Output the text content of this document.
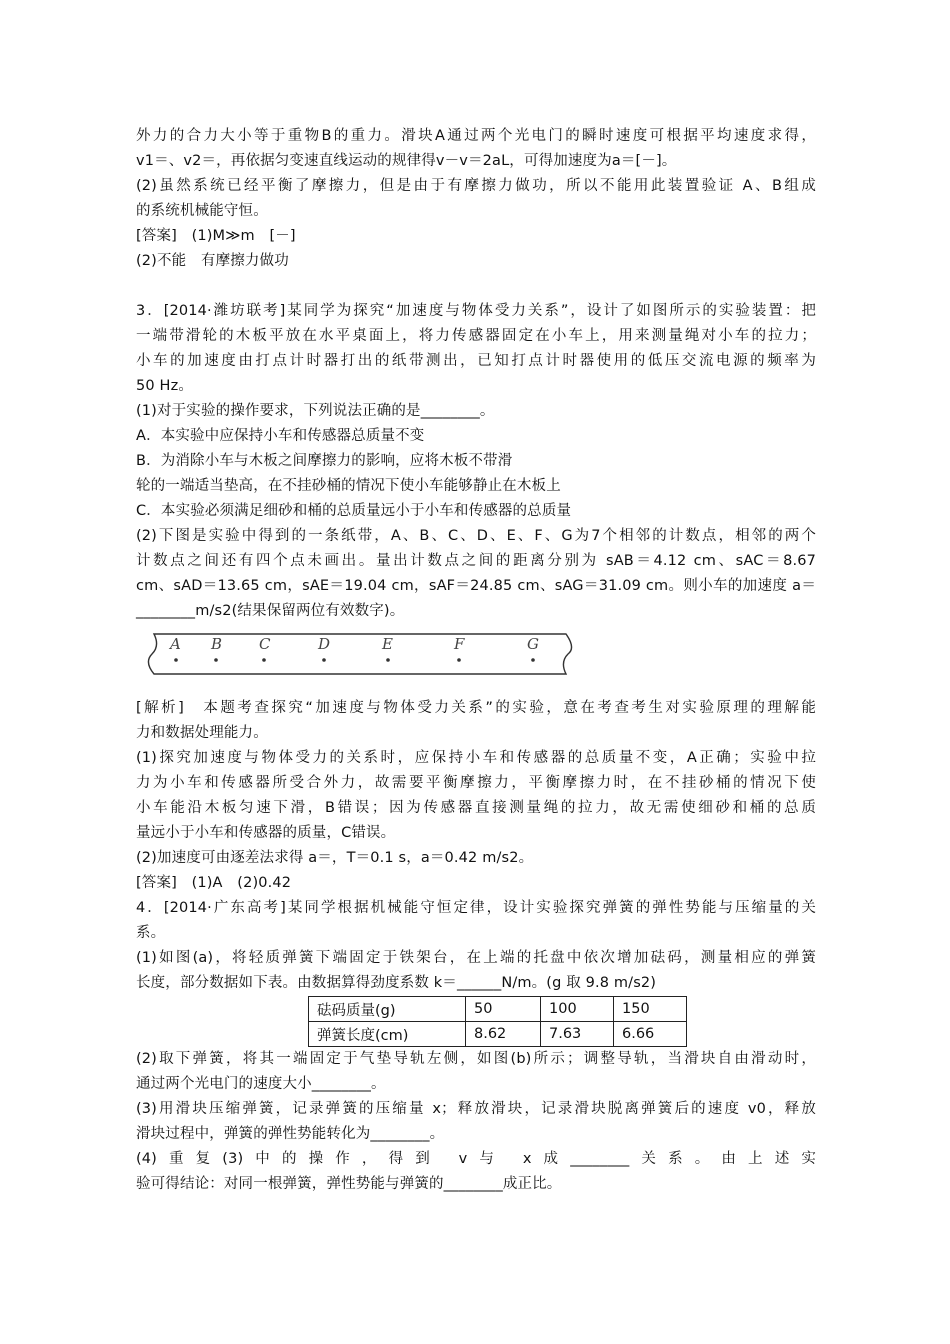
外力的合力大小等于重物B的重力。滑块A通过两个光电门的瞬时速度可根据平均速度求得，
v1＝、v2＝，再依据匀变速直线运动的规律得v－v＝2aL，可得加速度为a＝[－]。
(2)虽然系统已经平衡了摩擦力，但是由于有摩擦力做功，所以不能用此装置验证 A、B组成
的系统机械能守恒。
[答案]　(1)M≫m　[－]
(2)不能　有摩擦力做功
3．[2014·潍坊联考]某同学为探究“加速度与物体受力关系”，设计了如图所示的实验装置：把
一端带滑轮的木板平放在水平桌面上，将力传感器固定在小车上，用来测量绳对小车的拉力；
小车的加速度由打点计时器打出的纸带测出，已知打点计时器使用的低压交流电源的频率为
50 Hz。
(1)对于实验的操作要求，下列说法正确的是________。
A．本实验中应保持小车和传感器总质量不变
B．为消除小车与木板之间摩擦力的影响，应将木板不带滑
轮的一端适当垫高，在不挂砂桶的情况下使小车能够静止在木板上
C．本实验必须满足细砂和桶的总质量远小于小车和传感器的总质量
(2)下图是实验中得到的一条纸带，A、B、C、D、E、F、G为7个相邻的计数点，相邻的两个
计数点之间还有四个点未画出。量出计数点之间的距离分别为 sAB＝4.12 cm、sAC＝8.67
cm、sAD＝13.65 cm，sAE＝19.04 cm，sAF＝24.85 cm、sAG＝31.09 cm。则小车的加速度 a＝
________m/s2(结果保留两位有效数字)。
A B C	D	E	F	G
[解析]　本题考查探究“加速度与物体受力关系”的实验，意在考查考生对实验原理的理解能
力和数据处理能力。
(1)探究加速度与物体受力的关系时，应保持小车和传感器的总质量不变，A正确；实验中拉
力为小车和传感器所受合外力，故需要平衡摩擦力，平衡摩擦力时，在不挂砂桶的情况下使
小车能沿木板匀速下滑，B错误；因为传感器直接测量绳的拉力，故无需使细砂和桶的总质
量远小于小车和传感器的质量，C错误。
(2)加速度可由逐差法求得 a＝，T＝0.1 s，a＝0.42 m/s2。
[答案]　(1)A　(2)0.42
4．[2014·广东高考]某同学根据机械能守恒定律，设计实验探究弹簧的弹性势能与压缩量的关
系。
(1)如图(a)，将轻质弹簧下端固定于铁架台，在上端的托盘中依次增加砝码，测量相应的弹簧
长度，部分数据如下表。由数据算得劲度系数 k＝______N/m。(g 取 9.8 m/s2)
砝码质量(g)	50	100	150
弹簧长度(cm)	8.62	7.63	6.66
(2)取下弹簧，将其一端固定于气垫导轨左侧，如图(b)所示；调整导轨，当滑块自由滑动时，
通过两个光电门的速度大小________。
(3)用滑块压缩弹簧，记录弹簧的压缩量 x；释放滑块，记录滑块脱离弹簧后的速度 v0，释放
滑块过程中，弹簧的弹性势能转化为________。
(4)重复(3)中的操作，得到 v与 x成________关系。由上述实
验可得结论：对同一根弹簧，弹性势能与弹簧的________成正比。
